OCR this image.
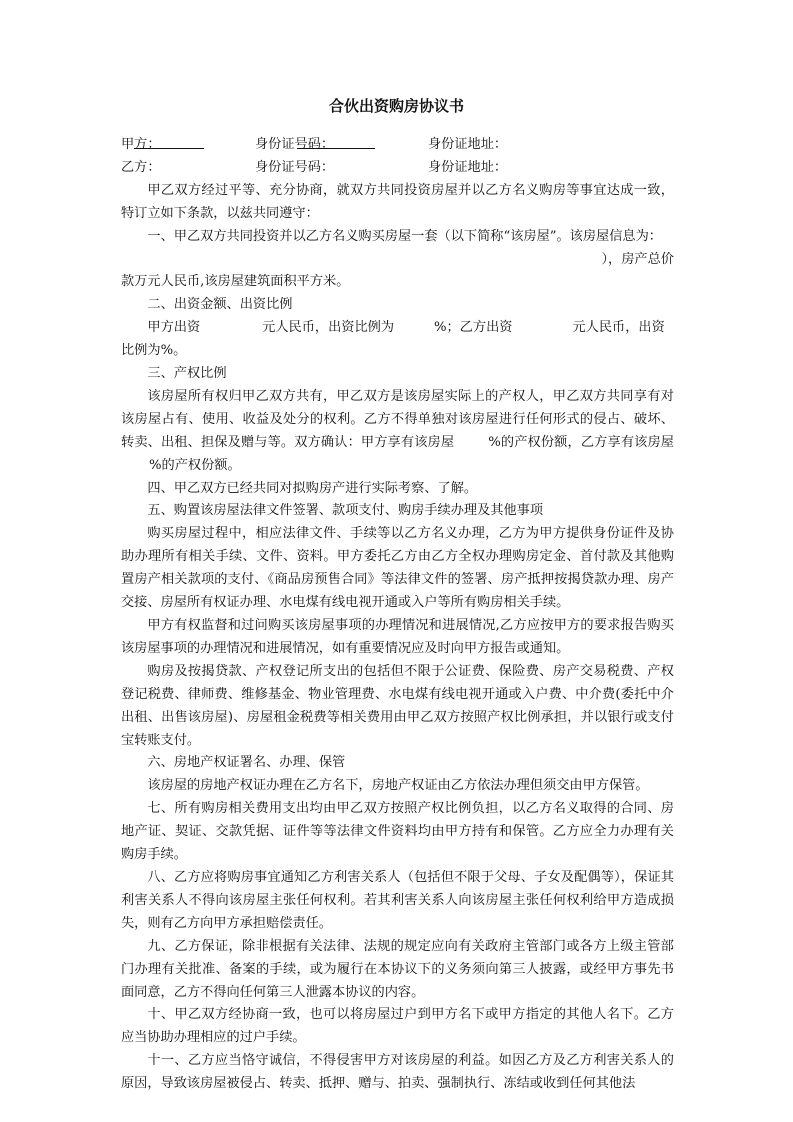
合伙出资购房协议书
甲方：	身份证号码：	身份证地址：
乙方：	身份证号码：	身份证地址：

甲乙双方经过平等、充分协商，就双方共同投资房屋并以乙方名义购房等事宜达成一致，特订立如下条款，以兹共同遵守：

一、甲乙双方共同投资并以乙方名义购买房屋一套（以下简称“该房屋”。该房屋信息为：

），房产总价

款
万元人民币,该房屋建筑面积
平方米。

二、出资金额、出资比例

甲方出资	元人民币，出资比例为	%；乙方出资	元人民币，出资

比例为
%。

三、产权比例

该房屋所有权归甲乙双方共有，甲乙双方是该房屋实际上的产权人，甲乙双方共同享有对该房屋占有、使用、收益及处分的权利。乙方不得单独对该房屋进行任何形式的侵占、破坏、转卖、出租、担保及赠与等。双方确认：甲方享有该房屋	%的产权份额，乙方享有该房屋%的产权份额。

四、甲乙双方已经共同对拟购房产进行实际考察、了解。

五、购置该房屋法律文件签署、款项支付、购房手续办理及其他事项

购买房屋过程中，相应法律文件、手续等以乙方名义办理，乙方为甲方提供身份证件及协助办理所有相关手续、文件、资料。甲方委托乙方由乙方全权办理购房定金、首付款及其他购置房产相关款项的支付、《商品房预售合同》等法律文件的签署、房产抵押按揭贷款办理、房产交接、房屋所有权证办理、水电煤有线电视开通或入户等所有购房相关手续。

甲方有权监督和过问购买该房屋事项的办理情况和进展情况,乙方应按甲方的要求报告购买该房屋事项的办理情况和进展情况，如有重要情况应及时向甲方报告或通知。

购房及按揭贷款、产权登记所支出的包括但不限于公证费、保险费、房产交易税费、产权登记税费、律师费、维修基金、物业管理费、水电煤有线电视开通或入户费、中介费(委托中介出租、出售该房屋)、房屋租金税费等相关费用由甲乙双方按照产权比例承担，并以银行或支付宝转账支付。

六、房地产权证署名、办理、保管

该房屋的房地产权证办理在乙方名下，房地产权证由乙方依法办理但须交由甲方保管。

七、所有购房相关费用支出均由甲乙双方按照产权比例负担，以乙方名义取得的合同、房地产证、契证、交款凭据、证件等等法律文件资料均由甲方持有和保管。乙方应全力办理有关购房手续。

八、乙方应将购房事宜通知乙方利害关系人（包括但不限于父母、子女及配偶等），保证其利害关系人不得向该房屋主张任何权利。若其利害关系人向该房屋主张任何权利给甲方造成损失，则有乙方向甲方承担赔偿责任。

九、乙方保证，除非根据有关法律、法规的规定应向有关政府主管部门或各方上级主管部门办理有关批准、备案的手续，或为履行在本协议下的义务须向第三人披露，或经甲方事先书面同意，乙方不得向任何第三人泄露本协议的内容。

十、甲乙双方经协商一致，也可以将房屋过户到甲方名下或甲方指定的其他人名下。乙方应当协助办理相应的过户手续。

十一、乙方应当恪守诚信，不得侵害甲方对该房屋的利益。如因乙方及乙方利害关系人的原因，导致该房屋被侵占、转卖、抵押、赠与、拍卖、强制执行、冻结或收到任何其他法
